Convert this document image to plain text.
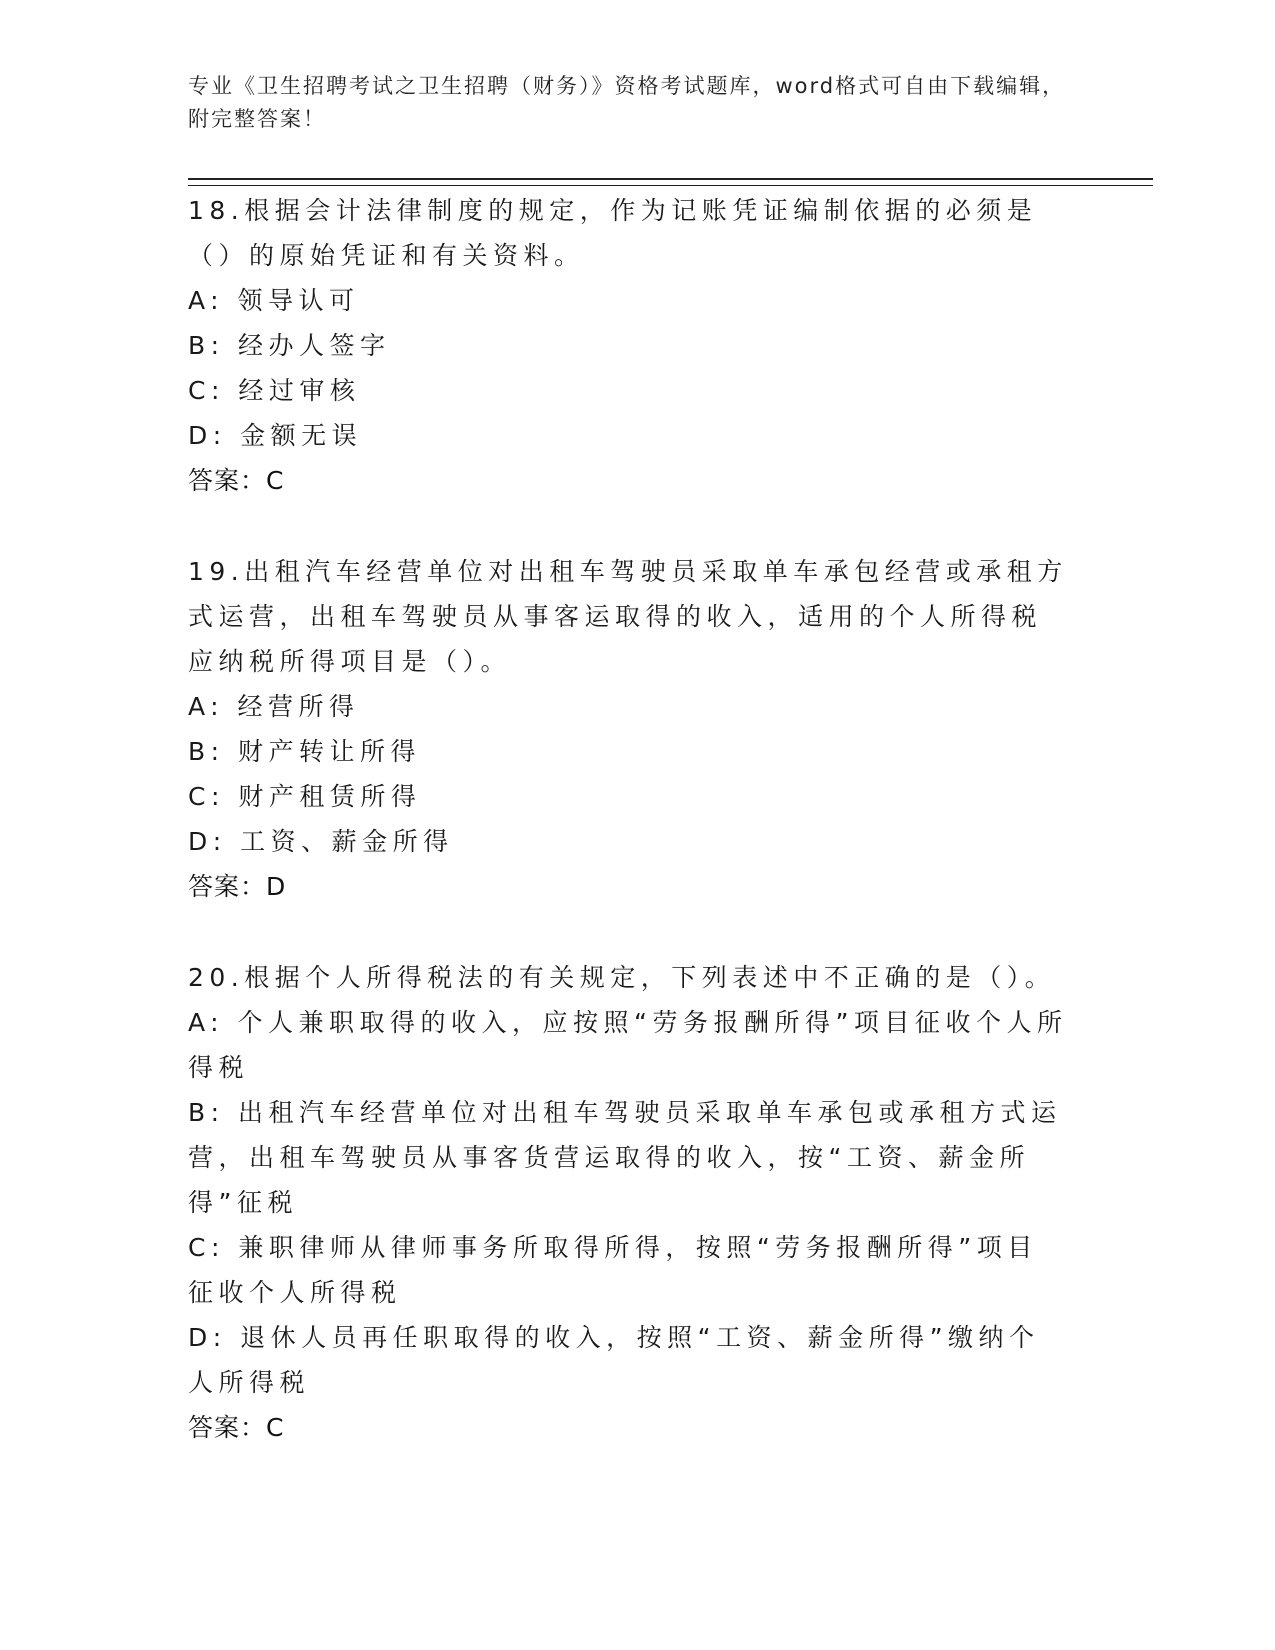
专业《卫生招聘考试之卫生招聘（财务）》资格考试题库，word格式可自由下载编辑，附完整答案！

18.根据会计法律制度的规定，作为记账凭证编制依据的必须是（）的原始凭证和有关资料。

A: 领导认可

B: 经办人签字

C: 经过审核

D: 金额无误

答案：C

19.出租汽车经营单位对出租车驾驶员采取单车承包经营或承租方式运营，出租车驾驶员从事客运取得的收入，适用的个人所得税应纳税所得项目是（）。

A: 经营所得

B: 财产转让所得

C: 财产租赁所得

D: 工资、薪金所得

答案：D

20.根据个人所得税法的有关规定，下列表述中不正确的是（）。

A: 个人兼职取得的收入，应按照“劳务报酬所得”项目征收个人所得税

B: 出租汽车经营单位对出租车驾驶员采取单车承包或承租方式运营，出租车驾驶员从事客货营运取得的收入，按“工资、薪金所得”征税

C: 兼职律师从律师事务所取得所得，按照“劳务报酬所得”项目征收个人所得税

D: 退休人员再任职取得的收入，按照“工资、薪金所得”缴纳个人所得税

答案：C
